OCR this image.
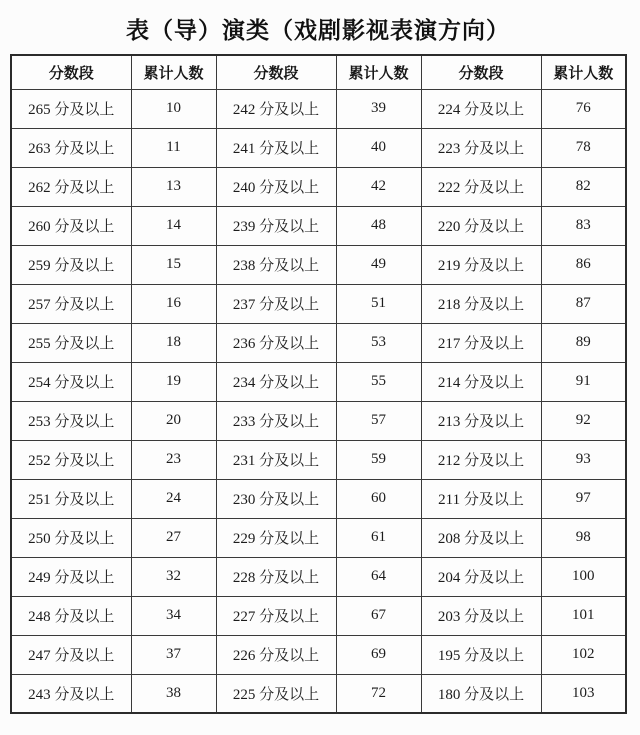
表（导）演类（戏剧影视表演方向）
分数段	累计人数	分数段	累计人数	分数段	累计人数
265 分及以上	10	242 分及以上	39	224 分及以上	76
263 分及以上	11	241 分及以上	40	223 分及以上	78
262 分及以上	13	240 分及以上	42	222 分及以上	82
260 分及以上	14	239 分及以上	48	220 分及以上	83
259 分及以上	15	238 分及以上	49	219 分及以上	86
257 分及以上	16	237 分及以上	51	218 分及以上	87
255 分及以上	18	236 分及以上	53	217 分及以上	89
254 分及以上	19	234 分及以上	55	214 分及以上	91
253 分及以上	20	233 分及以上	57	213 分及以上	92
252 分及以上	23	231 分及以上	59	212 分及以上	93
251 分及以上	24	230 分及以上	60	211 分及以上	97
250 分及以上	27	229 分及以上	61	208 分及以上	98
249 分及以上	32	228 分及以上	64	204 分及以上	100
248 分及以上	34	227 分及以上	67	203 分及以上	101
247 分及以上	37	226 分及以上	69	195 分及以上	102
243 分及以上	38	225 分及以上	72	180 分及以上	103
